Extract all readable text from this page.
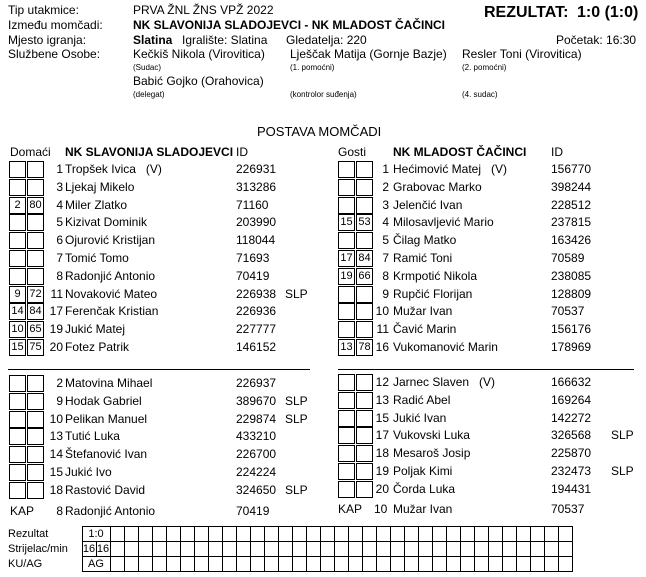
Tip utakmice:	PRVA ŽNL ŽNS VPŽ 2022	REZULTAT: 1:0 (1:0)
Između momčadi:	NK SLAVONIJA SLADOJEVCI - NK MLADOST ČAČINCI
Mjesto igranja:	Slatina Igralište: Slatina Gledatelja: 220	Početak: 16:30
Službene Osobe:	Kečkiš Nikola (Virovitica)
(Sudac)
Lješčak Matija (Gornje Bazje)
(1. pomoćni)
Resler Toni (Virovitica)
(2. pomoćni)
Babić Gojko (Orahovica)
(delegat)	(kontrolor suđenja)	(4. sudac)
POSTAVA MOMČADI
Domaći NK SLAVONIJA SLADOJEVCI ID	Gosti NK MLADOST ČAČINCI ID
1 Tropšek Ivica (V)	226931
3 Ljekaj Mikelo	313286
2 80	4 Miler Zlatko	71160
5 Kizivat Dominik	203990
6 Ojurović Kristijan	118044
7 Tomić Tomo	71693
8 Radonjić Antonio	70419
9 72 11 Novaković Mateo	226938 SLP
14 84 17 Ferenčak Kristian	226936
10 65 19 Jukić Matej	227777
15 75 20 Fotez Patrik	146152
2 Matovina Mihael	226937
9 Hodak Gabriel	389670 SLP
10 Pelikan Manuel	229874 SLP
13 Tutić Luka	433210
14 Štefanović Ivan	226700
15 Jukić Ivo	224224
18 Rastović David	324650 SLP
1 Hećimović Matej (V)	156770
2 Grabovac Marko	398244
3 Jelenčić Ivan	228512
15 53 4 Milosavljević Mario	237815
5 Čilag Matko	163426
17 84 7 Ramić Toni	70589
19 66 8 Krmpotić Nikola	238085
9 Rupčić Florijan	128809
10 Mužar Ivan	70537
11 Čavić Marin	156176
13 78 16 Vukomanović Marin	178969
12 Jarnec Slaven (V)	166632
13 Radić Abel	169264
15 Jukić Ivan	142272
17 Vukovski Luka	326568 SLP
18 Mesaroš Josip	225870
19 Poljak Kimi	232473 SLP
20 Čorda Luka	194431
KAP 8 Radonjić Antonio	70419	KAP 10 Mužar Ivan	70537
Rezultat	1:0																																		
Strijelac/min	16	16																																	
KU/AG	AG																																		
